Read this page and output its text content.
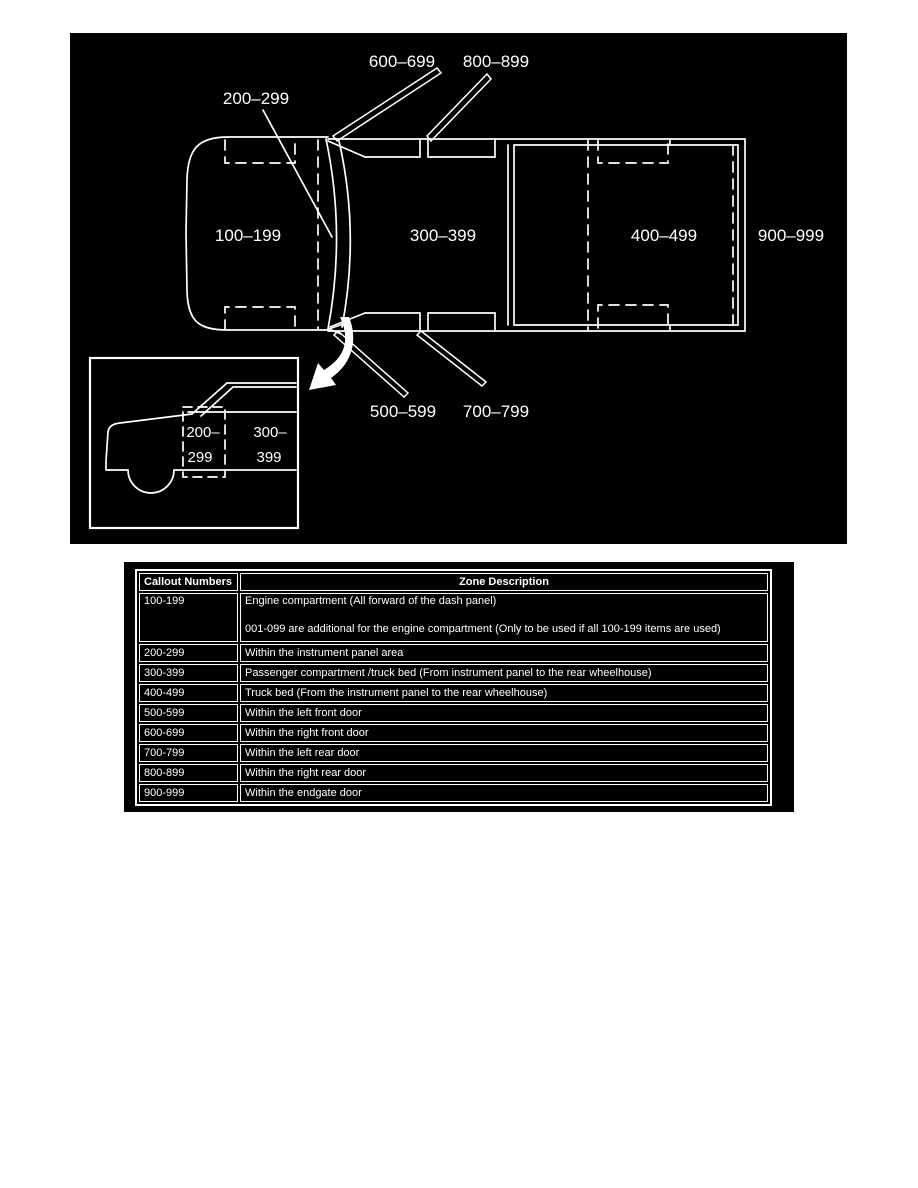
100–199
200–299
300–399	400–499
500–599
600–699
700–799
800–899
900–999
200–
299
300–
399
Callout Numbers	Zone Description
100-199	Engine compartment (All forward of the dash panel)
001-099 are additional for the engine compartment (Only to be used if all 100-199 items are used)

200-299	Within the instrument panel area
300-399	Passenger compartment /truck bed (From instrument panel to the rear wheelhouse)
400-499	Truck bed (From the instrument panel to the rear wheelhouse)
500-599	Within the left front door
600-699	Within the right front door
700-799	Within the left rear door
800-899	Within the right rear door
900-999	Within the endgate door
